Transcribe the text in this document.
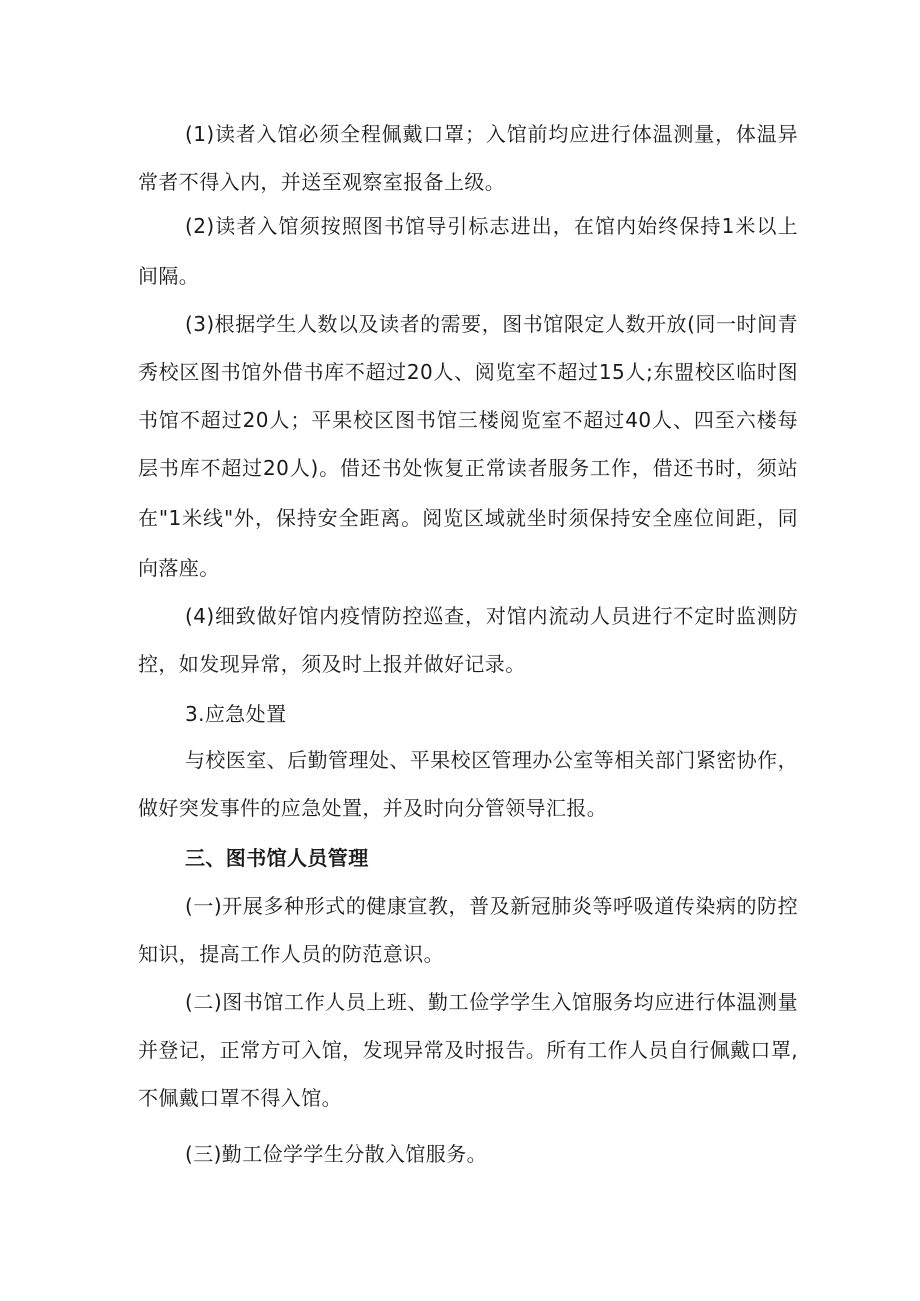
(1)读者入馆必须全程佩戴口罩；入馆前均应进行体温测量，体温异
常者不得入内，并送至观察室报备上级。
(2)读者入馆须按照图书馆导引标志进出，在馆内始终保持1米以上
间隔。
(3)根据学生人数以及读者的需要，图书馆限定人数开放(同一时间青
秀校区图书馆外借书库不超过20人、阅览室不超过15人;东盟校区临时图
书馆不超过20人；平果校区图书馆三楼阅览室不超过40人、四至六楼每
层书库不超过20人)。借还书处恢复正常读者服务工作，借还书时，须站
在"1米线"外，保持安全距离。阅览区域就坐时须保持安全座位间距，同
向落座。
(4)细致做好馆内疫情防控巡查，对馆内流动人员进行不定时监测防
控，如发现异常，须及时上报并做好记录。
3.应急处置
与校医室、后勤管理处、平果校区管理办公室等相关部门紧密协作，
做好突发事件的应急处置，并及时向分管领导汇报。
三、图书馆人员管理
(一)开展多种形式的健康宣教，普及新冠肺炎等呼吸道传染病的防控
知识，提高工作人员的防范意识。
(二)图书馆工作人员上班、勤工俭学学生入馆服务均应进行体温测量
并登记，正常方可入馆，发现异常及时报告。所有工作人员自行佩戴口罩,
不佩戴口罩不得入馆。
(三)勤工俭学学生分散入馆服务。
